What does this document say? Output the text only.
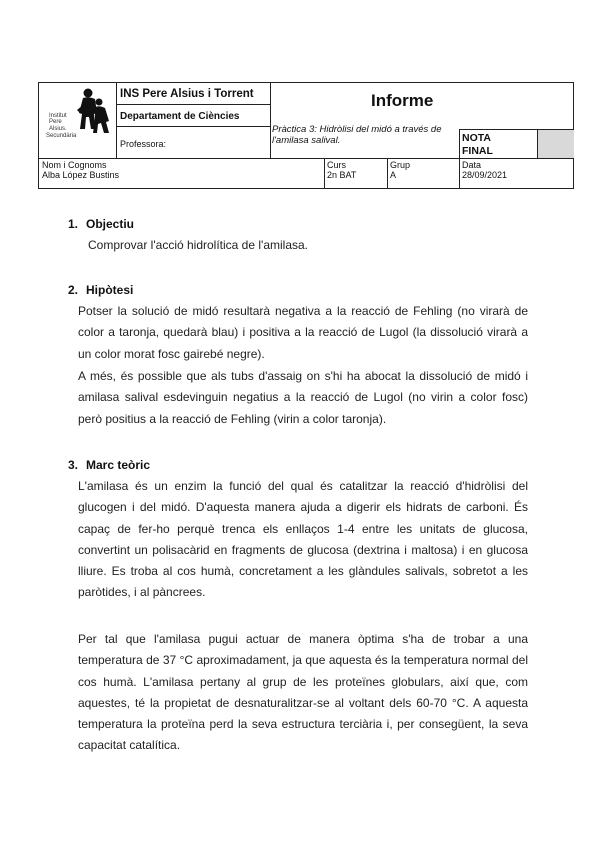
Institut
Pere
Alsius.
Secundària
INS Pere Alsius i Torrent
Departament de Ciències
Professora:
Informe
Pràctica 3: Hidròlisi del midó a través de l'amilasa salival.	NOTA
FINAL
Nom i Cognoms
Alba López Bustins
Curs
2n BAT
Grup
A
Data
28/09/2021
1. Objectiu
Comprovar l'acció hidrolítica de l'amilasa.
2. Hipòtesi
Potser la solució de midó resultarà negativa a la reacció de Fehling (no virarà de color a taronja, quedarà blau) i positiva a la reacció de Lugol (la dissolució virarà a un color morat fosc gairebé negre).
A més, és possible que als tubs d'assaig on s'hi ha abocat la dissolució de midó i amilasa salival esdevinguin negatius a la reacció de Lugol (no virin a color fosc) però positius a la reacció de Fehling (virin a color taronja).
3. Marc teòric
L'amilasa és un enzim la funció del qual és catalitzar la reacció d'hidròlisi del glucogen i del midó. D'aquesta manera ajuda a digerir els hidrats de carboni. És capaç de fer-ho perquè trenca els enllaços 1-4 entre les unitats de glucosa, convertint un polisacàrid en fragments de glucosa (dextrina i maltosa) i en glucosa lliure. Es troba al cos humà, concretament a les glàndules salivals, sobretot a les paròtides, i al pàncrees.
Per tal que l'amilasa pugui actuar de manera òptima s'ha de trobar a una temperatura de 37 °C aproximadament, ja que aquesta és la temperatura normal del cos humà. L'amilasa pertany al grup de les proteïnes globulars, així que, com aquestes, té la propietat de desnaturalitzar-se al voltant dels 60-70 °C. A aquesta temperatura la proteïna perd la seva estructura terciària i, per consegüent, la seva capacitat catalítica.
